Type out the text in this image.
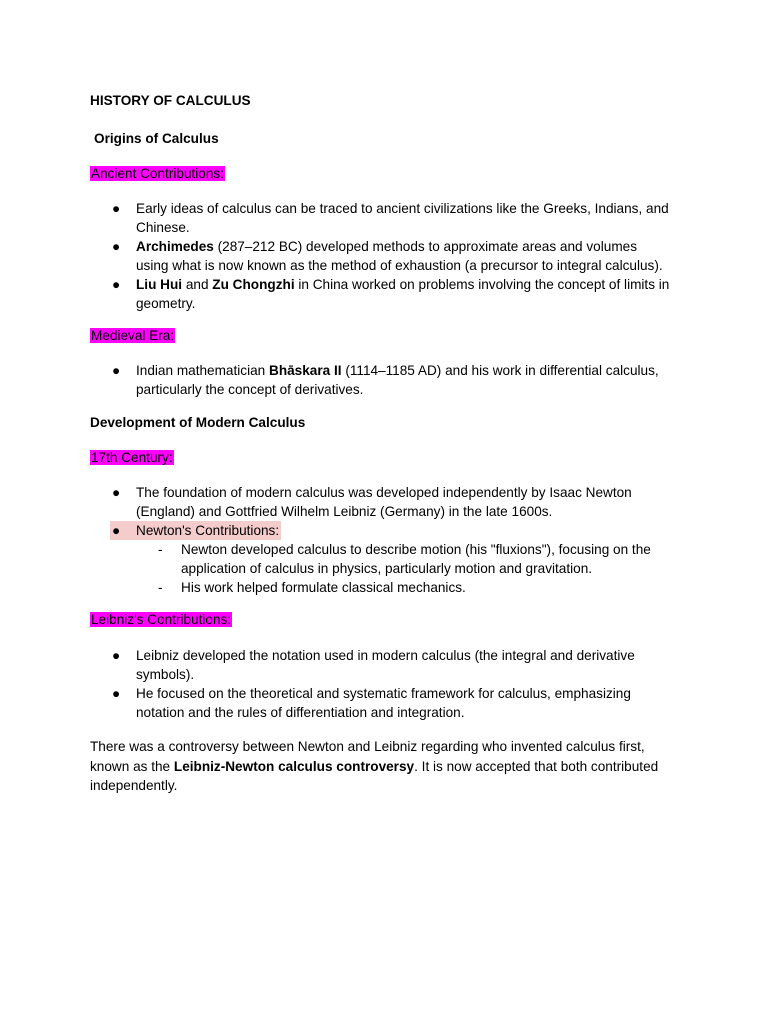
HISTORY OF CALCULUS

Origins of Calculus

Ancient Contributions:

● Early ideas of calculus can be traced to ancient civilizations like the Greeks, Indians, and
Chinese.
● Archimedes (287–212 BC) developed methods to approximate areas and volumes
using what is now known as the method of exhaustion (a precursor to integral calculus).
● Liu Hui and Zu Chongzhi in China worked on problems involving the concept of limits in
geometry.

Medieval Era:

● Indian mathematician Bhāskara II (1114–1185 AD) and his work in differential calculus,
particularly the concept of derivatives.

Development of Modern Calculus

17th Century:

● The foundation of modern calculus was developed independently by Isaac Newton
(England) and Gottfried Wilhelm Leibniz (Germany) in the late 1600s.
● Newton's Contributions:
- Newton developed calculus to describe motion (his "fluxions"), focusing on the
application of calculus in physics, particularly motion and gravitation.
- His work helped formulate classical mechanics.

Leibniz's Contributions:

● Leibniz developed the notation used in modern calculus (the integral and derivative
symbols).
● He focused on the theoretical and systematic framework for calculus, emphasizing
notation and the rules of differentiation and integration.

There was a controversy between Newton and Leibniz regarding who invented calculus first,
known as the Leibniz-Newton calculus controversy. It is now accepted that both contributed
independently.
